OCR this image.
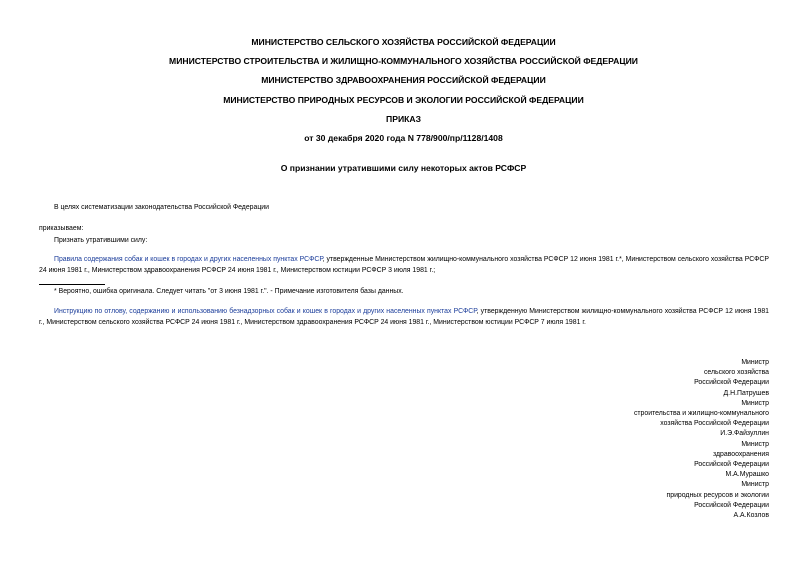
МИНИСТЕРСТВО СЕЛЬСКОГО ХОЗЯЙСТВА РОССИЙСКОЙ ФЕДЕРАЦИИ
МИНИСТЕРСТВО СТРОИТЕЛЬСТВА И ЖИЛИЩНО-КОММУНАЛЬНОГО ХОЗЯЙСТВА РОССИЙСКОЙ ФЕДЕРАЦИИ
МИНИСТЕРСТВО ЗДРАВООХРАНЕНИЯ РОССИЙСКОЙ ФЕДЕРАЦИИ
МИНИСТЕРСТВО ПРИРОДНЫХ РЕСУРСОВ И ЭКОЛОГИИ РОССИЙСКОЙ ФЕДЕРАЦИИ
ПРИКАЗ
от 30 декабря 2020 года N 778/900/пр/1128/1408
О признании утратившими силу некоторых актов РСФСР
В целях систематизации законодательства Российской Федерации
приказываем:
Признать утратившими силу:
Правила содержания собак и кошек в городах и других населенных пунктах РСФСР, утвержденные Министерством жилищно-коммунального хозяйства РСФСР 12 июня 1981 г.*, Министерством сельского хозяйства РСФСР 24 июня 1981 г., Министерством здравоохранения РСФСР 24 июня 1981 г., Министерством юстиции РСФСР 3 июля 1981 г.;
* Вероятно, ошибка оригинала. Следует читать "от 3 июня 1981 г.". - Примечание изготовителя базы данных.
Инструкцию по отлову, содержанию и использованию безнадзорных собак и кошек в городах и других населенных пунктах РСФСР, утвержденную Министерством жилищно-коммунального хозяйства РСФСР 12 июня 1981 г., Министерством сельского хозяйства РСФСР 24 июня 1981 г., Министерством здравоохранения РСФСР 24 июня 1981 г., Министерством юстиции РСФСР 7 июля 1981 г.
Министр
сельского хозяйства
Российской Федерации
Д.Н.Патрушев
Министр
строительства и жилищно-коммунального
хозяйства Российской Федерации
И.Э.Файзуллин
Министр
здравоохранения
Российской Федерации
М.А.Мурашко
Министр
природных ресурсов и экологии
Российской Федерации
А.А.Козлов
